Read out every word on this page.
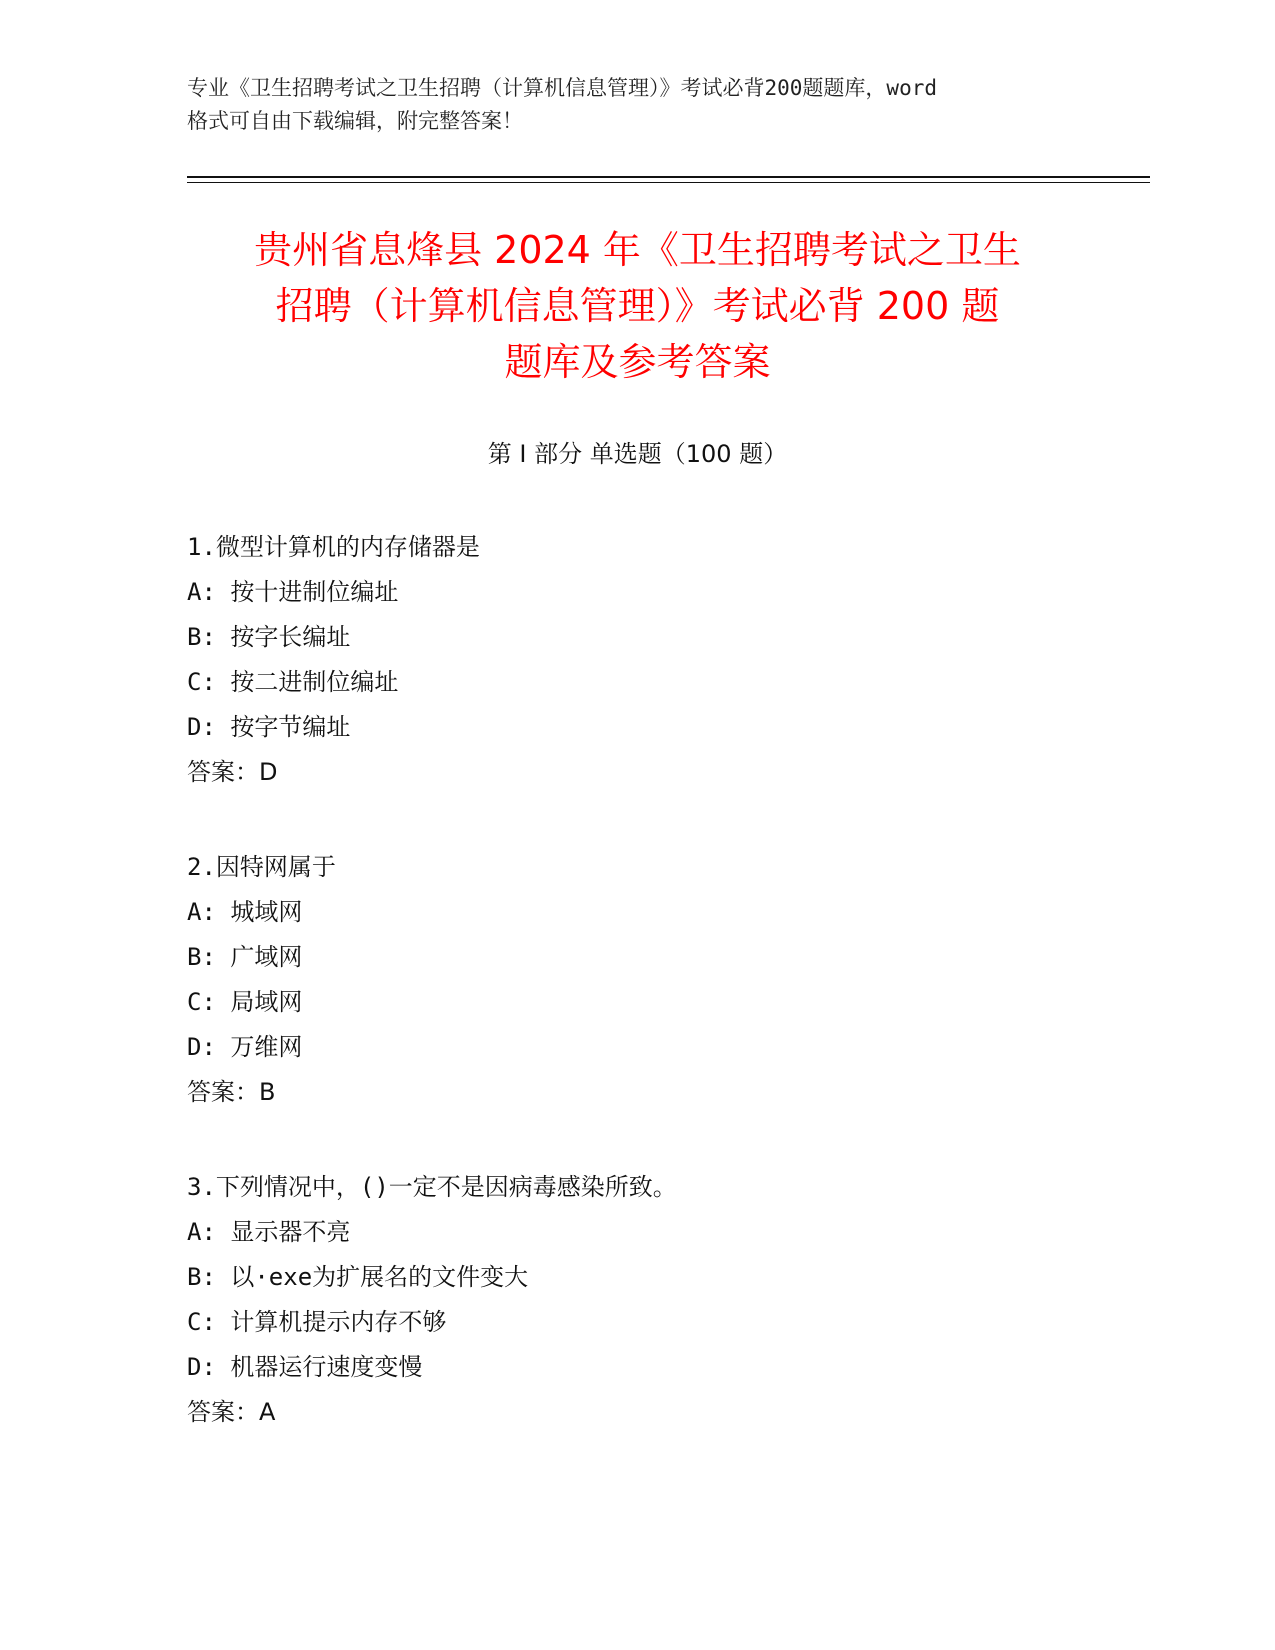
专业《卫生招聘考试之卫生招聘（计算机信息管理）》考试必背200题题库，word
格式可自由下载编辑，附完整答案！
贵州省息烽县 2024 年《卫生招聘考试之卫生
招聘（计算机信息管理）》考试必背 200 题
题库及参考答案
第 I 部分 单选题（100 题）
1.微型计算机的内存储器是
A: 按十进制位编址
B: 按字长编址
C: 按二进制位编址
D: 按字节编址
答案：D
2.因特网属于
A: 城域网
B: 广域网
C: 局域网
D: 万维网
答案：B
3.下列情况中，()一定不是因病毒感染所致。
A: 显示器不亮
B: 以·exe为扩展名的文件变大
C: 计算机提示内存不够
D: 机器运行速度变慢
答案：A
